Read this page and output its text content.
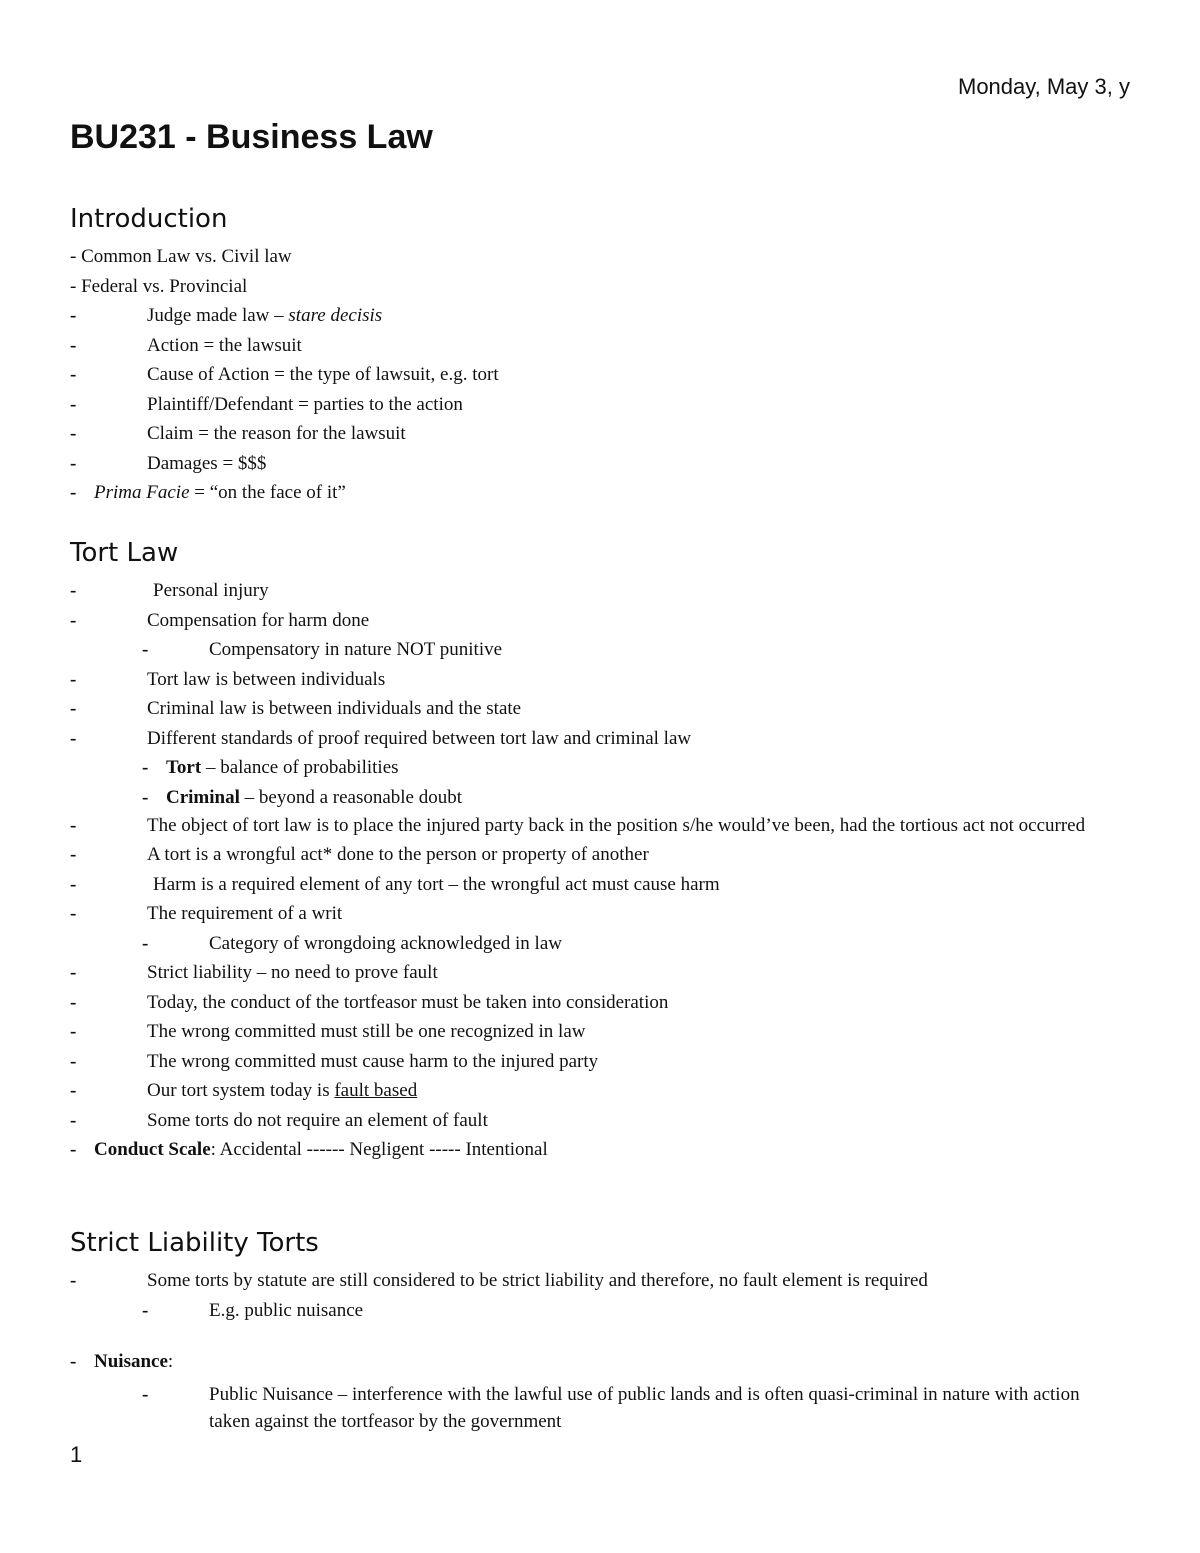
Monday, May 3, y
BU231 - Business Law
Introduction
- Common Law vs. Civil law
- Federal vs. Provincial
-	Judge made law – stare decisis
-	Action = the lawsuit
-	Cause of Action = the type of lawsuit, e.g. tort
-	Plaintiff/Defendant = parties to the action
-	Claim = the reason for the lawsuit
-	Damages = $$$
- Prima Facie = “on the face of it”
Tort Law
-	Personal injury
-	Compensation for harm done
-	Compensatory in nature NOT punitive
-	Tort law is between individuals
-	Criminal law is between individuals and the state
-	Different standards of proof required between tort law and criminal law
- Tort – balance of probabilities
- Criminal – beyond a reasonable doubt
-	The object of tort law is to place the injured party back in the position s/he would’ve been, had the tortious act not occurred
-	A tort is a wrongful act* done to the person or property of another
-	Harm is a required element of any tort – the wrongful act must cause harm
-	The requirement of a writ
-	Category of wrongdoing acknowledged in law
-	Strict liability – no need to prove fault
-	Today, the conduct of the tortfeasor must be taken into consideration
-	The wrong committed must still be one recognized in law
-	The wrong committed must cause harm to the injured party
-	Our tort system today is fault based
-	Some torts do not require an element of fault
- Conduct Scale: Accidental ------ Negligent ----- Intentional
Strict Liability Torts
-	Some torts by statute are still considered to be strict liability and therefore, no fault element is required
-	E.g. public nuisance
- Nuisance:
-	Public Nuisance – interference with the lawful use of public lands and is often quasi-criminal in nature with action taken against the tortfeasor by the government
1
